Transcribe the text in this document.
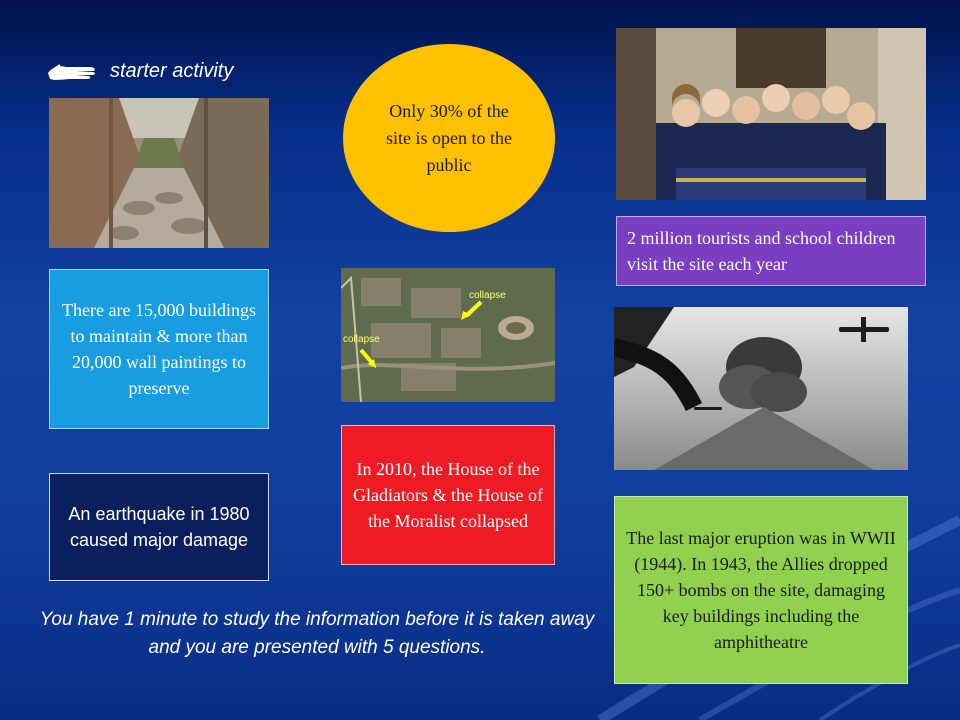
starter activity
Only 30% of the site is open to the public
2 million tourists and school children visit the site each year
There are 15,000 buildings to maintain & more than 20,000 wall paintings to preserve
collapse
collapse
In 2010, the House of the Gladiators & the House of the Moralist collapsed
An earthquake in 1980 caused major damage	The last major eruption was in WWII (1944). In 1943, the Allies dropped 150+ bombs on the site, damaging key buildings including the amphitheatre
You have 1 minute to study the information before it is taken away and you are presented with 5 questions.
